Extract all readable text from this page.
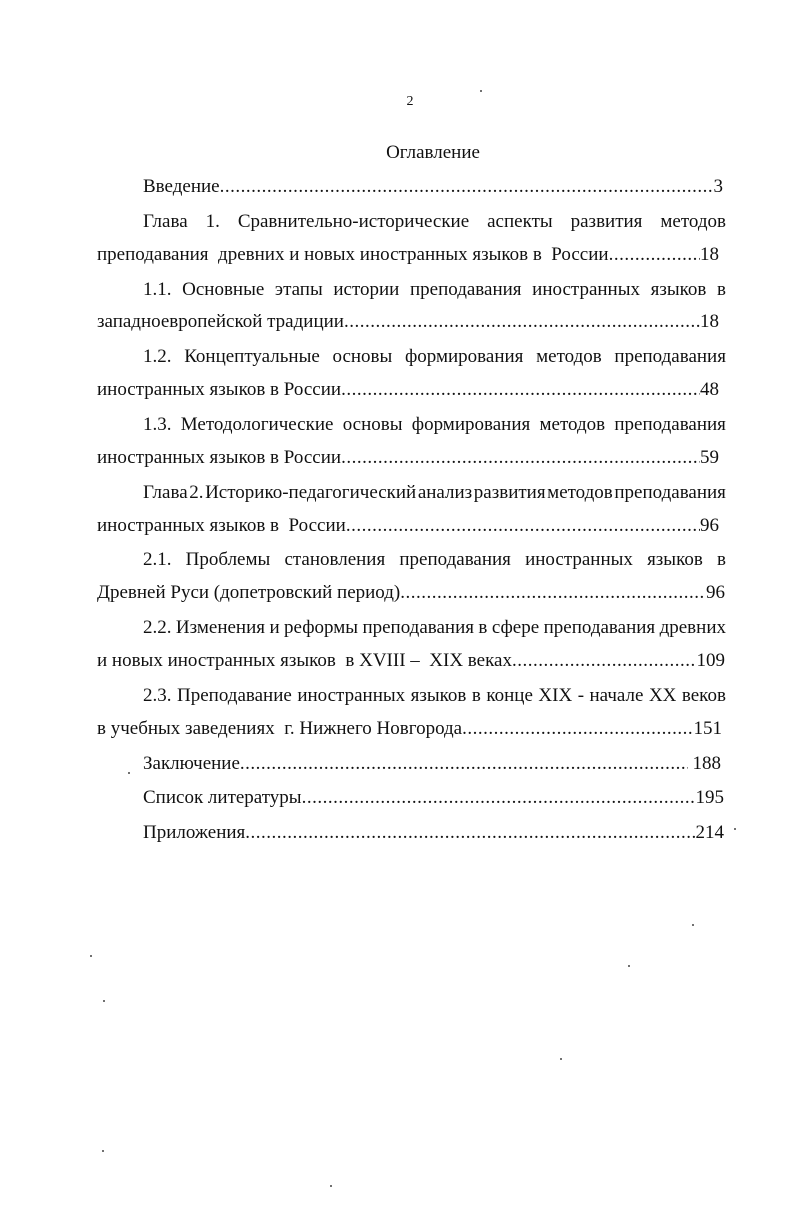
2
Оглавление
Введение .....	3
Глава 1. Сравнительно-исторические аспекты развития методов
преподавания  древних и новых иностранных языков в  России .....	18
1.1. Основные этапы истории преподавания иностранных языков в
западноевропейской традиции .....	18
1.2. Концептуальные основы формирования методов преподавания
иностранных языков в России .....	48
1.3. Методологические основы формирования методов преподавания
иностранных языков в России .....	59
Глава 2. Историко-педагогический анализ развития методов преподавания
иностранных языков в  России .....	96
2.1. Проблемы становления преподавания иностранных языков в
Древней Руси (допетровский период) .....	96
2.2. Изменения и реформы преподавания в сфере преподавания древних
и новых иностранных языков  в XVIII –  XIX веках .....	109
2.3. Преподавание иностранных языков в конце XIX - начале XX веков
в учебных заведениях  г. Нижнего Новгорода .....	151
Заключение .....	188
Список литературы .....	195
Приложения .....	214
